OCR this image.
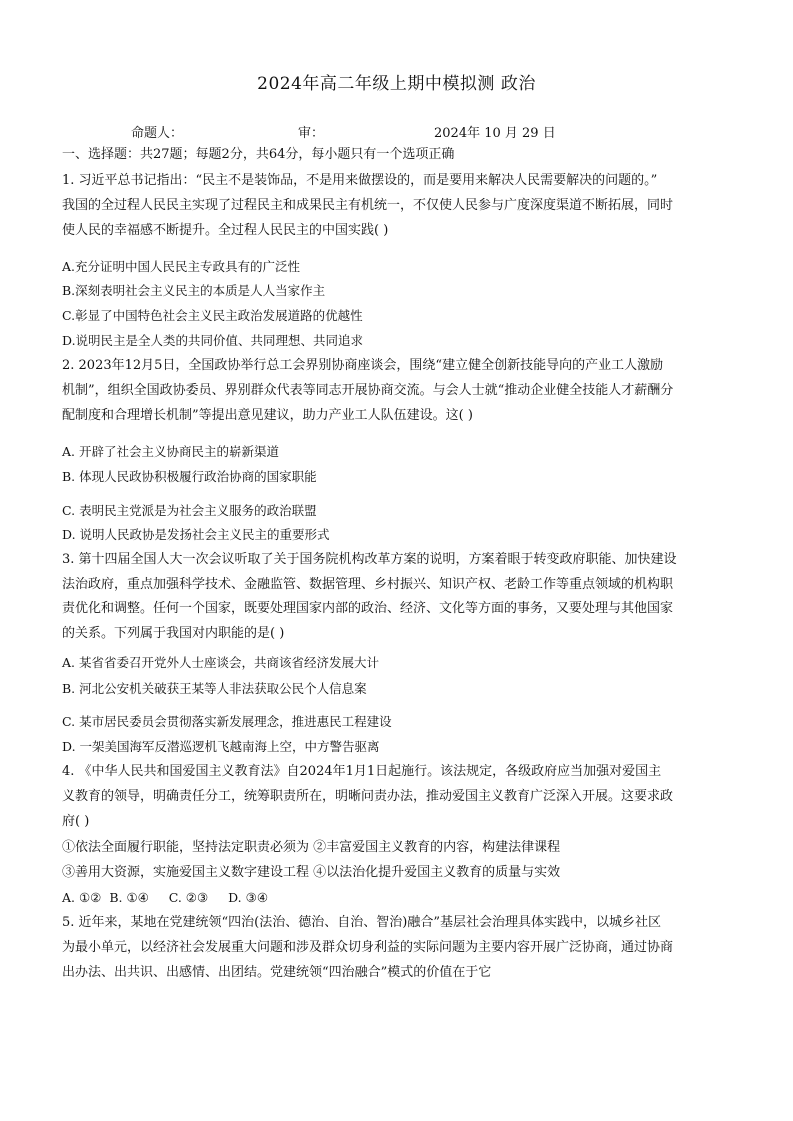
2024年高二年级上期中模拟测 政治
命题人：	审：	2024年 10 月 29 日
一、选择题：共27题；每题2分，共64分，每小题只有一个选项正确
1. 习近平总书记指出：“民主不是装饰品，不是用来做摆设的，而是要用来解决人民需要解决的问题的。”
我国的全过程人民民主实现了过程民主和成果民主有机统一，不仅使人民参与广度深度渠道不断拓展，同时
使人民的幸福感不断提升。全过程人民民主的中国实践( )
A.充分证明中国人民民主专政具有的广泛性
B.深刻表明社会主义民主的本质是人人当家作主
C.彰显了中国特色社会主义民主政治发展道路的优越性
D.说明民主是全人类的共同价值、共同理想、共同追求
2. 2023年12月5日，全国政协举行总工会界别协商座谈会，围绕“建立健全创新技能导向的产业工人激励
机制”，组织全国政协委员、界别群众代表等同志开展协商交流。与会人士就“推动企业健全技能人才薪酬分
配制度和合理增长机制”等提出意见建议，助力产业工人队伍建设。这( )
A. 开辟了社会主义协商民主的崭新渠道
B. 体现人民政协积极履行政治协商的国家职能
C. 表明民主党派是为社会主义服务的政治联盟
D. 说明人民政协是发扬社会主义民主的重要形式
3. 第十四届全国人大一次会议听取了关于国务院机构改革方案的说明，方案着眼于转变政府职能、加快建设
法治政府，重点加强科学技术、金融监管、数据管理、乡村振兴、知识产权、老龄工作等重点领域的机构职
责优化和调整。任何一个国家，既要处理国家内部的政治、经济、文化等方面的事务，又要处理与其他国家
的关系。下列属于我国对内职能的是( )
A. 某省省委召开党外人士座谈会，共商该省经济发展大计
B. 河北公安机关破获王某等人非法获取公民个人信息案
C. 某市居民委员会贯彻落实新发展理念，推进惠民工程建设
D. 一架美国海军反潜巡逻机飞越南海上空，中方警告驱离
4. 《中华人民共和国爱国主义教育法》自2024年1月1日起施行。该法规定，各级政府应当加强对爱国主
义教育的领导，明确责任分工，统筹职责所在，明晰问责办法，推动爱国主义教育广泛深入开展。这要求政
府( )
①依法全面履行职能，坚持法定职责必须为 ②丰富爱国主义教育的内容，构建法律课程
③善用大资源，实施爱国主义数字建设工程 ④以法治化提升爱国主义教育的质量与实效
A. ①②  B. ①④     C. ②③     D. ③④
5. 近年来，某地在党建统领“四治(法治、德治、自治、智治)融合”基层社会治理具体实践中，以城乡社区
为最小单元，以经济社会发展重大问题和涉及群众切身利益的实际问题为主要内容开展广泛协商，通过协商
出办法、出共识、出感情、出团结。党建统领“四治融合”模式的价值在于它
